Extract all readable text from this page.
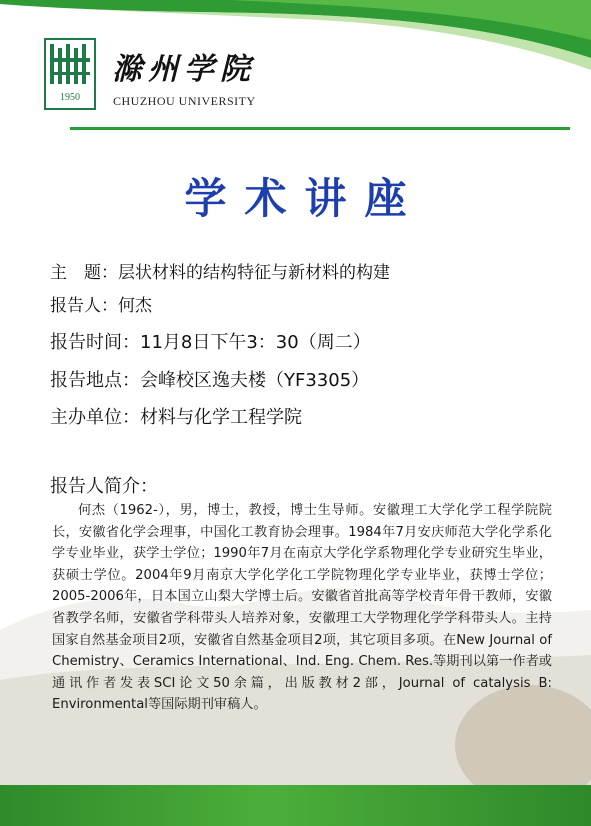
1950
滁州学院
CHUZHOU UNIVERSITY
学术讲座
主　题：层状材料的结构特征与新材料的构建
报告人：何杰
报告时间：11月8日下午3：30（周二）
报告地点：会峰校区逸夫楼（YF3305）
主办单位：材料与化学工程学院
报告人简介：
何杰（1962-），男，博士，教授，博士生导师。安徽理工大学化学工程学院院长，安徽省化学会理事，中国化工教育协会理事。1984年7月安庆师范大学化学系化学专业毕业，获学士学位；1990年7月在南京大学化学系物理化学专业研究生毕业，获硕士学位。2004年9月南京大学化学化工学院物理化学专业毕业，获博士学位；2005-2006年，日本国立山梨大学博士后。安徽省首批高等学校青年骨干教师，安徽省教学名师，安徽省学科带头人培养对象，安徽理工大学物理化学学科带头人。主持国家自然基金项目2项，安徽省自然基金项目2项，其它项目多项。在New Journal of Chemistry、Ceramics International、Ind. Eng. Chem. Res.等期刊以第一作者或通讯作者发表SCI论文50余篇，出版教材2部，Journal of catalysis B: Environmental等国际期刊审稿人。
